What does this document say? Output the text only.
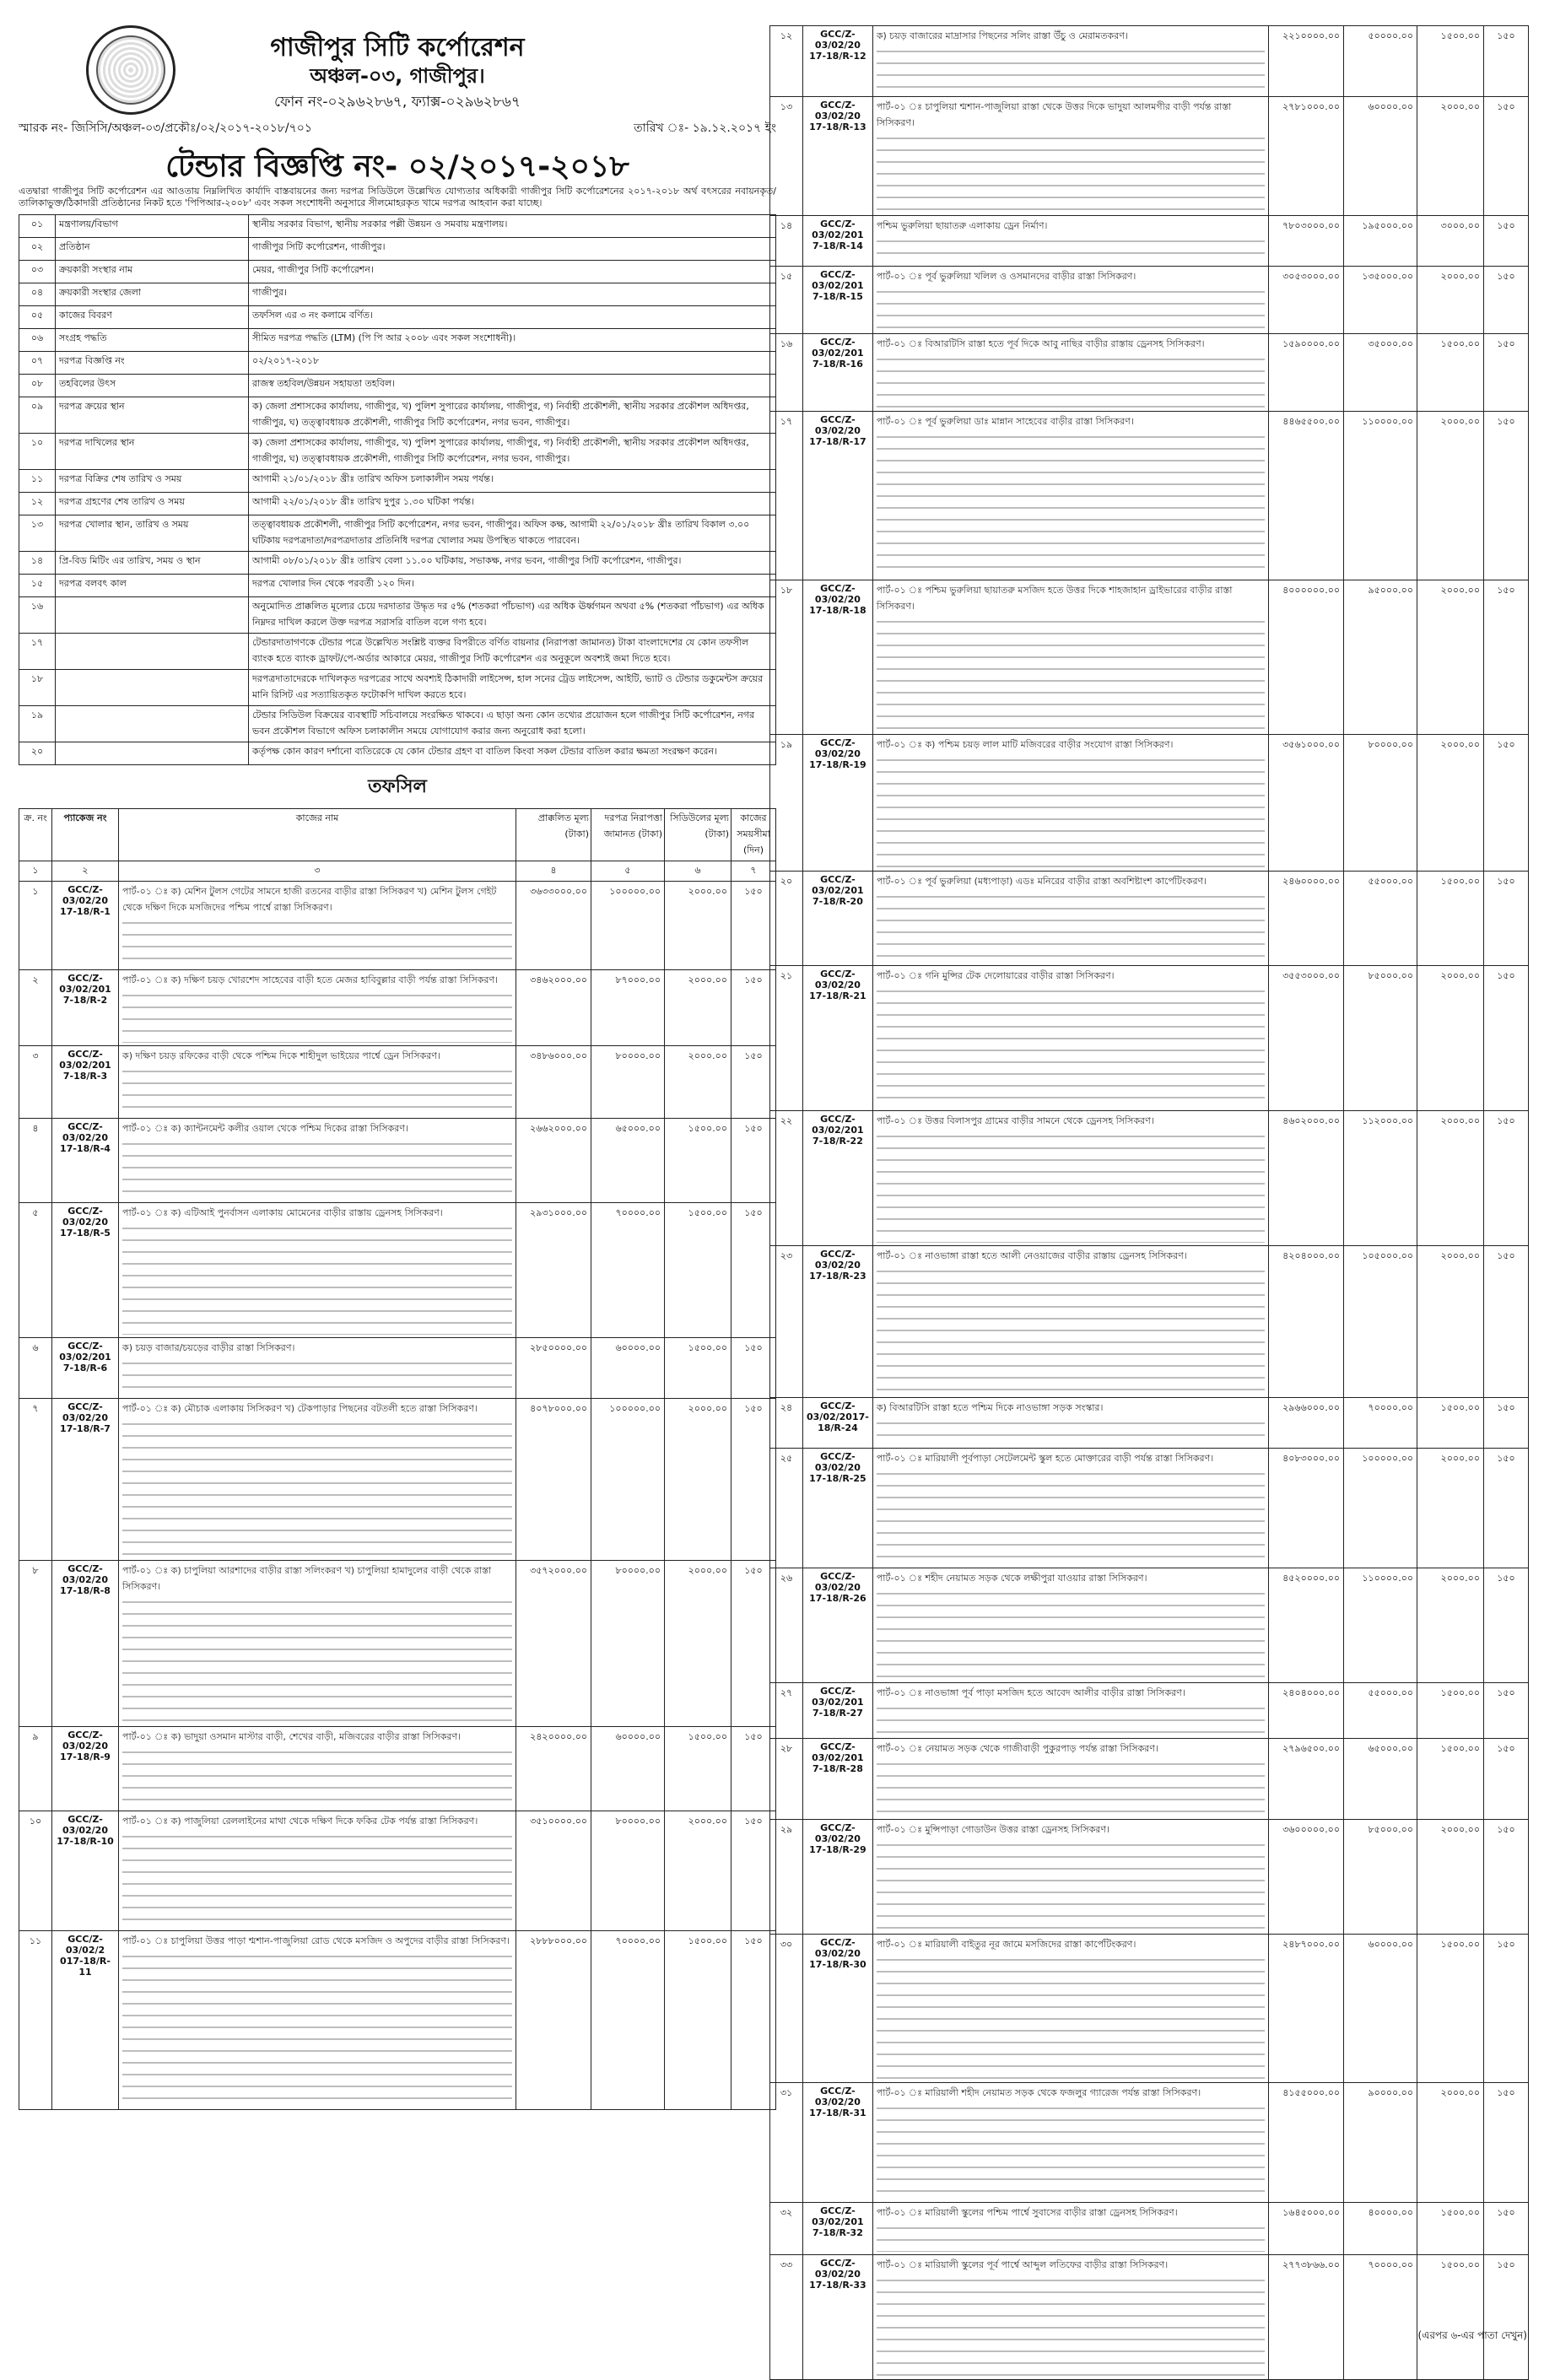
গাজীপুর সিটি কর্পোরেশন
অঞ্চল-০৩, গাজীপুর।
ফোন নং-০২৯৬২৮৬৭, ফ্যাক্স-০২৯৬২৮৬৭
স্মারক নং- জিসিসি/অঞ্চল-০৩/প্রকৌঃ/০২/২০১৭-২০১৮/৭০১	তারিখ ঃ- ১৯.১২.২০১৭ ইং
টেন্ডার বিজ্ঞপ্তি নং- ০২/২০১৭-২০১৮
এতদ্বারা গাজীপুর সিটি কর্পোরেশন এর আওতায় নিম্নলিখিত কার্যাদি বাস্তবায়নের জন্য দরপত্র সিডিউলে উল্লেখিত যোগ্যতার অধিকারী গাজীপুর সিটি কর্পোরেশনের ২০১৭-২০১৮ অর্থ বৎসরের নবায়নকৃত/তালিকাভুক্ত/ঠিকাদারী প্রতিষ্ঠানের নিকট হতে 'পিপিআর-২০০৮' এবং সকল সংশোধনী অনুসারে সীলমোহরকৃত খামে দরপত্র আহবান করা যাচ্ছে।
০১	মন্ত্রণালয়/বিভাগ	স্থানীয় সরকার বিভাগ, স্থানীয় সরকার পল্লী উন্নয়ন ও সমবায় মন্ত্রণালয়।
০২	প্রতিষ্ঠান	গাজীপুর সিটি কর্পোরেশন, গাজীপুর।
০৩	ক্রয়কারী সংস্থার নাম	মেয়র, গাজীপুর সিটি কর্পোরেশন।
০৪	ক্রয়কারী সংস্থার জেলা	গাজীপুর।
০৫	কাজের বিবরণ	তফসিল এর ৩ নং কলামে বর্ণিত।
০৬	সংগ্রহ পদ্ধতি	সীমিত দরপত্র পদ্ধতি (LTM) (পি পি আর ২০০৮ এবং সকল সংশোধনী)।
০৭	দরপত্র বিজ্ঞপ্তি নং	০২/২০১৭-২০১৮
০৮	তহবিলের উৎস	রাজস্ব তহবিল/উন্নয়ন সহায়তা তহবিল।
০৯	দরপত্র ক্রয়ের স্থান	ক) জেলা প্রশাসকের কার্যালয়, গাজীপুর, খ) পুলিশ সুপারের কার্যালয়, গাজীপুর, গ) নির্বাহী প্রকৌশলী, স্থানীয় সরকার প্রকৌশল অধিদপ্তর, গাজীপুর, ঘ) তত্ত্বাবধায়ক প্রকৌশলী, গাজীপুর সিটি কর্পোরেশন, নগর ভবন, গাজীপুর।
১০	দরপত্র দাখিলের স্থান	ক) জেলা প্রশাসকের কার্যালয়, গাজীপুর, খ) পুলিশ সুপারের কার্যালয়, গাজীপুর, গ) নির্বাহী প্রকৌশলী, স্থানীয় সরকার প্রকৌশল অধিদপ্তর, গাজীপুর, ঘ) তত্ত্বাবধায়ক প্রকৌশলী, গাজীপুর সিটি কর্পোরেশন, নগর ভবন, গাজীপুর।
১১	দরপত্র বিক্রির শেষ তারিখ ও সময়	আগামী ২১/০১/২০১৮ খ্রীঃ তারিখ অফিস চলাকালীন সময় পর্যন্ত।
১২	দরপত্র গ্রহণের শেষ তারিখ ও সময়	আগামী ২২/০১/২০১৮ খ্রীঃ তারিখ দুপুর ১.৩০ ঘটিকা পর্যন্ত।
১৩	দরপত্র খোলার স্থান, তারিখ ও সময়	তত্ত্বাবধায়ক প্রকৌশলী, গাজীপুর সিটি কর্পোরেশন, নগর ভবন, গাজীপুর। অফিস কক্ষ, আগামী ২২/০১/২০১৮ খ্রীঃ তারিখ বিকাল ৩.০০ ঘটিকায় দরপত্রদাতা/দরপত্রদাতার প্রতিনিধি দরপত্র খোলার সময় উপস্থিত থাকতে পারবেন।
১৪	প্রি-বিড মিটিং এর তারিখ, সময় ও স্থান	আগামী ০৮/০১/২০১৮ খ্রীঃ তারিখ বেলা ১১.০০ ঘটিকায়, সভাকক্ষ, নগর ভবন, গাজীপুর সিটি কর্পোরেশন, গাজীপুর।
১৫	দরপত্র বলবৎ কাল	দরপত্র খোলার দিন থেকে পরবর্তী ১২০ দিন।
১৬		অনুমোদিত প্রাক্কলিত মূল্যের চেয়ে দরদাতার উদ্ধৃত দর ৫% (শতকরা পাঁচভাগ) এর অধিক ঊর্ধ্বগমন অথবা ৫% (শতকরা পাঁচভাগ) এর অধিক নিম্নদর দাখিল করলে উক্ত দরপত্র সরাসরি বাতিল বলে গণ্য হবে।
১৭		টেন্ডারদাতাগণকে টেন্ডার পত্রে উল্লেখিত সংশ্লিষ্ট ব্যক্তর বিপরীতে বর্ণিত বায়নার (নিরাপত্তা জামানত) টাকা বাংলাদেশের যে কোন তফসীল ব্যাংক হতে ব্যাংক ড্রাফট/পে-অর্ডার আকারে মেয়র, গাজীপুর সিটি কর্পোরেশন এর অনুকূলে অবশ্যই জমা দিতে হবে।
১৮		দরপত্রদাতাদেরকে দাখিলকৃত দরপত্রের সাথে অবশ্যই ঠিকাদারী লাইসেন্স, হাল সনের ট্রেড লাইসেন্স, আইটি, ভ্যাট ও টেন্ডার ডকুমেন্টস ক্রয়ের মানি রিসিট এর সত্যায়িতকৃত ফটোকপি দাখিল করতে হবে।
১৯		টেন্ডার সিডিউল বিক্রয়ের ব্যবস্থাটি সচিবালয়ে সংরক্ষিত থাকবে। এ ছাড়া অন্য কোন তথ্যের প্রয়োজন হলে গাজীপুর সিটি কর্পোরেশন, নগর ভবন প্রকৌশল বিভাগে অফিস চলাকালীন সময়ে যোগাযোগ করার জন্য অনুরোধ করা হলো।
২০		কর্তৃপক্ষ কোন কারণ দর্শানো ব্যতিরেকে যে কোন টেন্ডার গ্রহণ বা বাতিল কিংবা সকল টেন্ডার বাতিল করার ক্ষমতা সংরক্ষণ করেন।
তফসিল
ক্র. নং	প্যাকেজ নং	কাজের নাম	প্রাক্কলিত মূল্য (টাকা)	দরপত্র নিরাপত্তা জামানত (টাকা)	সিডিউলের মূল্য (টাকা)	কাজের সময়সীমা (দিন)
১	২	৩	৪	৫	৬	৭
১	GCC/Z-03/02/20 17-18/R-1	পার্ট-০১ ঃ ক) মেশিন টুলস গেটের সামনে হাজী রতনের বাড়ীর রাস্তা সিসিকরণ খ) মেশিন টুলস গেইট থেকে দক্ষিণ দিকে মসজিদের পশ্চিম পার্শ্বে রাস্তা সিসিকরণ।	৩৬৩৩০০০.০০	১০০০০০.০০	২০০০.০০	১৫০
২	GCC/Z-03/02/201 7-18/R-2	পার্ট-০১ ঃ ক) দক্ষিণ চয়ড় খোরশেদ সাহেবের বাড়ী হতে মেজর হাবিবুল্লার বাড়ী পর্যন্ত রাস্তা সিসিকরণ।	৩৪৬২০০০.০০	৮৭০০০.০০	২০০০.০০	১৫০
৩	GCC/Z-03/02/201 7-18/R-3	ক) দক্ষিণ চয়ড় রফিকের বাড়ী থেকে পশ্চিম দিকে শাহীদুল ভাইয়ের পার্শ্বে ড্রেন সিসিকরণ।	৩৪৮৬০০০.০০	৮০০০০.০০	২০০০.০০	১৫০
৪	GCC/Z-03/02/20 17-18/R-4	পার্ট-০১ ঃ ক) ক্যান্টনমেন্ট কলীর ওয়াল থেকে পশ্চিম দিকের রাস্তা সিসিকরণ।	২৬৬২০০০.০০	৬৫০০০.০০	১৫০০.০০	১৫০
৫	GCC/Z-03/02/20 17-18/R-5	পার্ট-০১ ঃ ক) এটিআই পুনর্বাসন এলাকায় মোমেনের বাড়ীর রাস্তায় ড্রেনসহ সিসিকরণ।	২৯৩১০০০.০০	৭০০০০.০০	১৫০০.০০	১৫০
৬	GCC/Z-03/02/201 7-18/R-6	ক) চয়ড় বাজার/চয়ড়ের বাড়ীর রাস্তা সিসিকরণ।	২৮৫০০০০.০০	৬০০০০.০০	১৫০০.০০	১৫০
৭	GCC/Z-03/02/20 17-18/R-7	পার্ট-০১ ঃ ক) মৌচাক এলাকায় সিসিকরণ খ) টেকপাড়ার পিছনের বটতলী হতে রাস্তা সিসিকরণ।	৪০৭৮০০০.০০	১০০০০০.০০	২০০০.০০	১৫০
৮	GCC/Z-03/02/20 17-18/R-8	পার্ট-০১ ঃ ক) চাপুলিয়া আরশাদের বাড়ীর রাস্তা সলিংকরণ খ) চাপুলিয়া হামাদুলের বাড়ী থেকে রাস্তা সিসিকরণ।	৩৫৭২০০০.০০	৮০০০০.০০	২০০০.০০	১৫০
৯	GCC/Z-03/02/20 17-18/R-9	পার্ট-০১ ঃ ক) ভাদুয়া ওসমান মাস্টার বাড়ী, শেখের বাড়ী, মজিবরের বাড়ীর রাস্তা সিসিকরণ।	২৪২০০০০.০০	৬০০০০.০০	১৫০০.০০	১৫০
১০	GCC/Z-03/02/20 17-18/R-10	পার্ট-০১ ঃ ক) পাজুলিয়া রেললাইনের মাথা থেকে দক্ষিণ দিকে ফকির টেক পর্যন্ত রাস্তা সিসিকরণ।	৩৫১০০০০.০০	৮০০০০.০০	২০০০.০০	১৫০
১১	GCC/Z-03/02/2 017-18/R-11	পার্ট-০১ ঃ চাপুলিয়া উত্তর পাড়া শ্মশান-পাজুলিয়া রোড থেকে মসজিদ ও অপুদের বাড়ীর রাস্তা সিসিকরণ।	২৮৮৮০০০.০০	৭০০০০.০০	১৫০০.০০	১৫০
১২	GCC/Z-03/02/20 17-18/R-12	ক) চয়ড় বাজারের মাদ্রাসার পিছনের সলিং রাস্তা উঁচু ও মেরামতকরণ।	২২১০০০০.০০	৫০০০০.০০	১৫০০.০০	১৫০
১৩	GCC/Z-03/02/20 17-18/R-13	পার্ট-০১ ঃ চাপুলিয়া শ্মশান-পাজুলিয়া রাস্তা থেকে উত্তর দিকে ভাদুয়া আলমগীর বাড়ী পর্যন্ত রাস্তা সিসিকরণ।	২৭৮১০০০.০০	৬০০০০.০০	২০০০.০০	১৫০
১৪	GCC/Z-03/02/201 7-18/R-14	পশ্চিম ভুরুলিয়া ছায়াতরু এলাকায় ড্রেন নির্মাণ।	৭৮০৩০০০.০০	১৯৫০০০.০০	৩০০০.০০	১৫০
১৫	GCC/Z-03/02/201 7-18/R-15	পার্ট-০১ ঃ পূর্ব ভুরুলিয়া খলিল ও ওসমানদের বাড়ীর রাস্তা সিসিকরণ।	৩০৫৩০০০.০০	১৩৫০০০.০০	২০০০.০০	১৫০
১৬	GCC/Z-03/02/201 7-18/R-16	পার্ট-০১ ঃ বিআরটিসি রাস্তা হতে পূর্ব দিকে আবু নাছির বাড়ীর রাস্তায় ড্রেনসহ সিসিকরণ।	১৫৯০০০০.০০	৩৫০০০.০০	১৫০০.০০	১৫০
১৭	GCC/Z-03/02/20 17-18/R-17	পার্ট-০১ ঃ পূর্ব ভুরুলিয়া ডাঃ মান্নান সাহেবের বাড়ীর রাস্তা সিসিকরণ।	৪৪৬৫৫০০.০০	১১০০০০.০০	২০০০.০০	১৫০
১৮	GCC/Z-03/02/20 17-18/R-18	পার্ট-০১ ঃ পশ্চিম ভুরুলিয়া ছায়াতরু মসজিদ হতে উত্তর দিকে শাহজাহান ড্রাইভারের বাড়ীর রাস্তা সিসিকরণ।	৪০০০০০০.০০	৯৫০০০.০০	২০০০.০০	১৫০
১৯	GCC/Z-03/02/20 17-18/R-19	পার্ট-০১ ঃ ক) পশ্চিম চয়ড় লাল মাটি মজিবরের বাড়ীর সংযোগ রাস্তা সিসিকরণ।	৩৫৬১০০০.০০	৮০০০০.০০	২০০০.০০	১৫০
২০	GCC/Z-03/02/201 7-18/R-20	পার্ট-০১ ঃ পূর্ব ভুরুলিয়া (মধ্যপাড়া) এডঃ মনিরের বাড়ীর রাস্তা অবশিষ্টাংশ কার্পেটিংকরণ।	২৪৬০০০০.০০	৫৫০০০.০০	১৫০০.০০	১৫০
২১	GCC/Z-03/02/20 17-18/R-21	পার্ট-০১ ঃ গনি মুন্সির টেক দেলোয়ারের বাড়ীর রাস্তা সিসিকরণ।	৩৫৫৩০০০.০০	৮৫০০০.০০	২০০০.০০	১৫০
২২	GCC/Z-03/02/201 7-18/R-22	পার্ট-০১ ঃ উত্তর বিলাসপুর গ্রামের বাড়ীর সামনে থেকে ড্রেনসহ সিসিকরণ।	৪৬০২০০০.০০	১১২০০০.০০	২০০০.০০	১৫০
২৩	GCC/Z-03/02/20 17-18/R-23	পার্ট-০১ ঃ নাওভাঙ্গা রাস্তা হতে আলী নেওয়াজের বাড়ীর রাস্তায় ড্রেনসহ সিসিকরণ।	৪২০৪০০০.০০	১০৫০০০.০০	২০০০.০০	১৫০
২৪	GCC/Z-03/02/2017-18/R-24	ক) বিআরটিসি রাস্তা হতে পশ্চিম দিকে নাওভাঙ্গা সড়ক সংস্কার।	২৯৬৬০০০.০০	৭০০০০.০০	১৫০০.০০	১৫০
২৫	GCC/Z-03/02/20 17-18/R-25	পার্ট-০১ ঃ মারিয়ালী পূর্বপাড়া সেটেলমেন্ট স্কুল হতে মোক্তারের বাড়ী পর্যন্ত রাস্তা সিসিকরণ।	৪০৮৩০০০.০০	১০০০০০.০০	২০০০.০০	১৫০
২৬	GCC/Z-03/02/20 17-18/R-26	পার্ট-০১ ঃ শহীদ নেয়ামত সড়ক থেকে লক্ষীপুরা যাওয়ার রাস্তা সিসিকরণ।	৪৫২০০০০.০০	১১০০০০.০০	২০০০.০০	১৫০
২৭	GCC/Z-03/02/201 7-18/R-27	পার্ট-০১ ঃ নাওভাঙ্গা পূর্ব পাড়া মসজিদ হতে আবেদ আলীর বাড়ীর রাস্তা সিসিকরণ।	২৪০৪০০০.০০	৫৫০০০.০০	১৫০০.০০	১৫০
২৮	GCC/Z-03/02/201 7-18/R-28	পার্ট-০১ ঃ নেয়ামত সড়ক থেকে গাজীবাড়ী পুকুরপাড় পর্যন্ত রাস্তা সিসিকরণ।	২৭৯৬৫০০.০০	৬৫০০০.০০	১৫০০.০০	১৫০
২৯	GCC/Z-03/02/20 17-18/R-29	পার্ট-০১ ঃ মুন্সিপাড়া গোডাউন উত্তর রাস্তা ড্রেনসহ সিসিকরণ।	৩৬০০০০০.০০	৮৫০০০.০০	২০০০.০০	১৫০
৩০	GCC/Z-03/02/20 17-18/R-30	পার্ট-০১ ঃ মারিয়ালী বাইতুর নূর জামে মসজিদের রাস্তা কার্পেটিংকরণ।	২৪৮৭০০০.০০	৬০০০০.০০	১৫০০.০০	১৫০
৩১	GCC/Z-03/02/20 17-18/R-31	পার্ট-০১ ঃ মারিয়ালী শহীদ নেয়ামত সড়ক থেকে ফজলুর গ্যারেজ পর্যন্ত রাস্তা সিসিকরণ।	৪১৫৫০০০.০০	৯০০০০.০০	২০০০.০০	১৫০
৩২	GCC/Z-03/02/201 7-18/R-32	পার্ট-০১ ঃ মারিয়ালী স্কুলের পশ্চিম পার্শ্বে সুবাসের বাড়ীর রাস্তা ড্রেনসহ সিসিকরণ।	১৬৪৫০০০.০০	৪০০০০.০০	১৫০০.০০	১৫০
৩৩	GCC/Z-03/02/20 17-18/R-33	পার্ট-০১ ঃ মারিয়ালী স্কুলের পূর্ব পার্শ্বে আব্দুল লতিফের বাড়ীর রাস্তা সিসিকরণ।	২৭৭৩৮৬৬.০০	৭০০০০.০০	১৫০০.০০	১৫০
(এরপর ৬-এর পাতা দেখুন)
